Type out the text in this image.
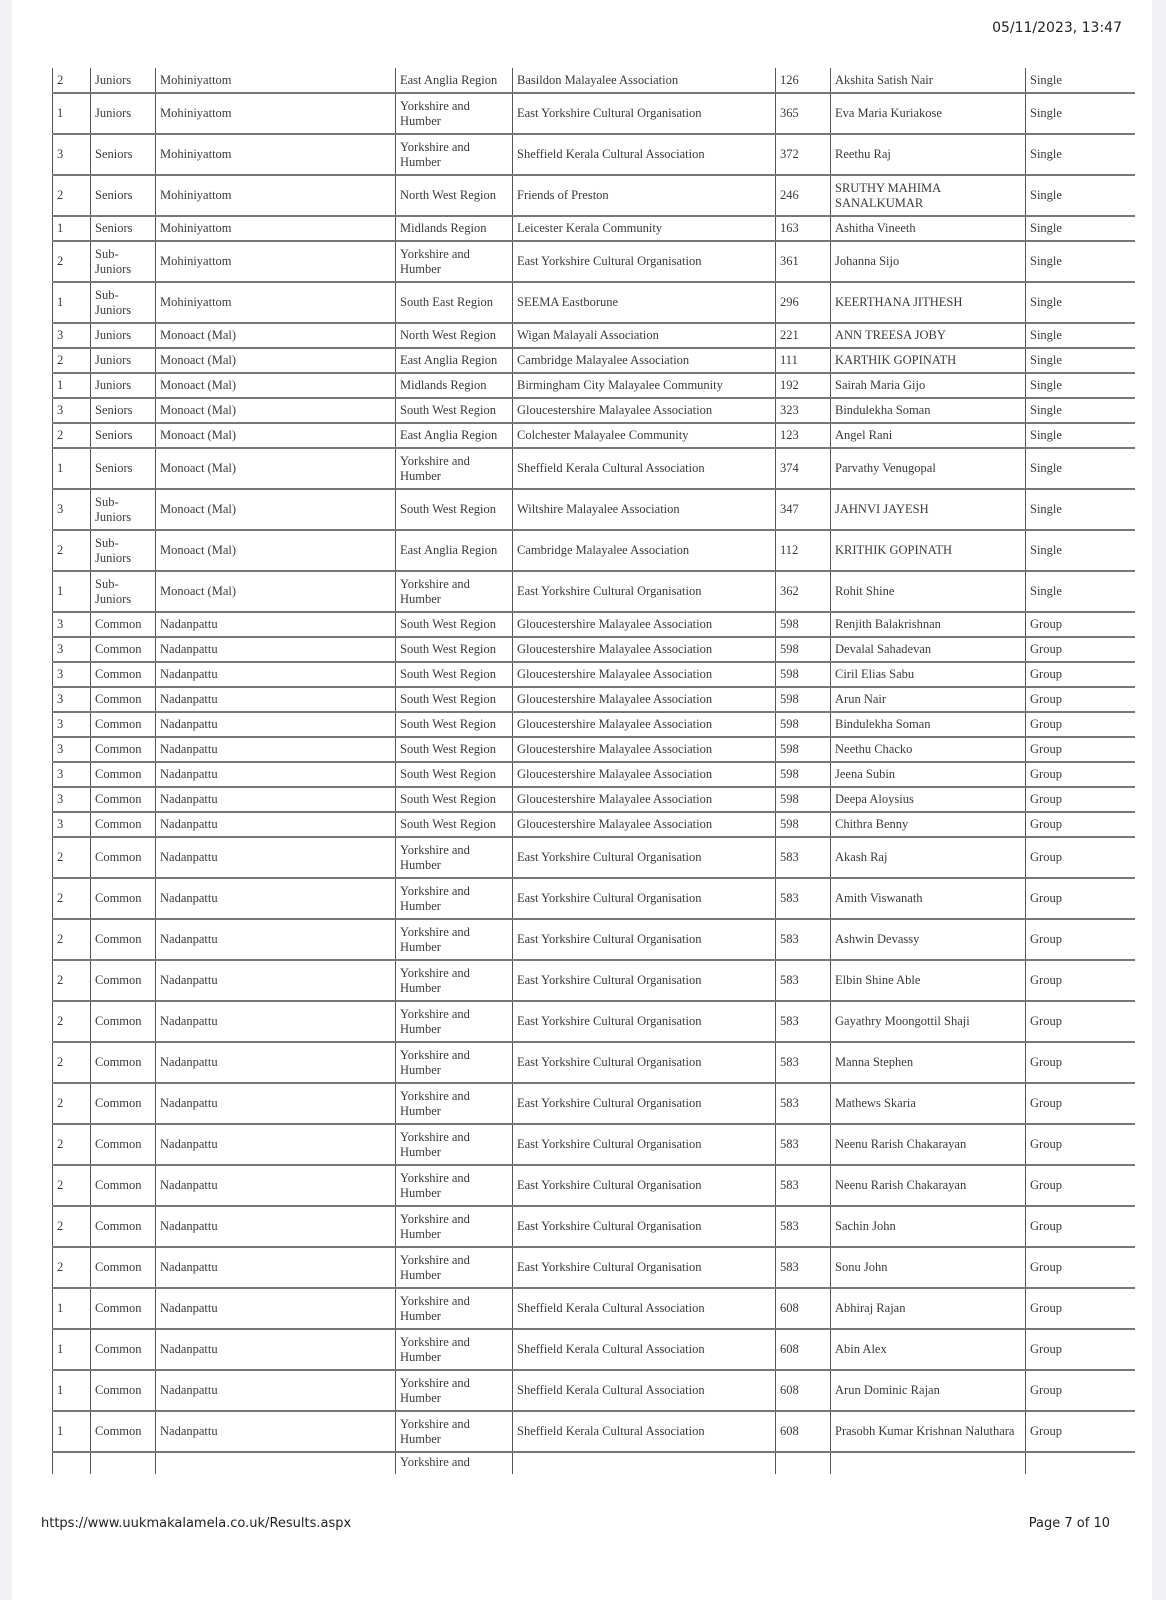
05/11/2023, 13:47
2	Juniors	Mohiniyattom	East Anglia Region	Basildon Malayalee Association	126	Akshita Satish Nair	Single
1	Juniors	Mohiniyattom	Yorkshire and Humber	East Yorkshire Cultural Organisation	365	Eva Maria Kuriakose	Single
3	Seniors	Mohiniyattom	Yorkshire and Humber	Sheffield Kerala Cultural Association	372	Reethu Raj	Single
2	Seniors	Mohiniyattom	North West Region	Friends of Preston	246	SRUTHY MAHIMA SANALKUMAR	Single
1	Seniors	Mohiniyattom	Midlands Region	Leicester Kerala Community	163	Ashitha Vineeth	Single
2	Sub-Juniors	Mohiniyattom	Yorkshire and Humber	East Yorkshire Cultural Organisation	361	Johanna Sijo	Single
1	Sub-Juniors	Mohiniyattom	South East Region	SEEMA Eastborune	296	KEERTHANA JITHESH	Single
3	Juniors	Monoact (Mal)	North West Region	Wigan Malayali Association	221	ANN TREESA JOBY	Single
2	Juniors	Monoact (Mal)	East Anglia Region	Cambridge Malayalee Association	111	KARTHIK GOPINATH	Single
1	Juniors	Monoact (Mal)	Midlands Region	Birmingham City Malayalee Community	192	Sairah Maria Gijo	Single
3	Seniors	Monoact (Mal)	South West Region	Gloucestershire Malayalee Association	323	Bindulekha Soman	Single
2	Seniors	Monoact (Mal)	East Anglia Region	Colchester Malayalee Community	123	Angel Rani	Single
1	Seniors	Monoact (Mal)	Yorkshire and Humber	Sheffield Kerala Cultural Association	374	Parvathy Venugopal	Single
3	Sub-Juniors	Monoact (Mal)	South West Region	Wiltshire Malayalee Association	347	JAHNVI JAYESH	Single
2	Sub-Juniors	Monoact (Mal)	East Anglia Region	Cambridge Malayalee Association	112	KRITHIK GOPINATH	Single
1	Sub-Juniors	Monoact (Mal)	Yorkshire and Humber	East Yorkshire Cultural Organisation	362	Rohit Shine	Single
3	Common	Nadanpattu	South West Region	Gloucestershire Malayalee Association	598	Renjith Balakrishnan	Group
3	Common	Nadanpattu	South West Region	Gloucestershire Malayalee Association	598	Devalal Sahadevan	Group
3	Common	Nadanpattu	South West Region	Gloucestershire Malayalee Association	598	Ciril Elias Sabu	Group
3	Common	Nadanpattu	South West Region	Gloucestershire Malayalee Association	598	Arun Nair	Group
3	Common	Nadanpattu	South West Region	Gloucestershire Malayalee Association	598	Bindulekha Soman	Group
3	Common	Nadanpattu	South West Region	Gloucestershire Malayalee Association	598	Neethu Chacko	Group
3	Common	Nadanpattu	South West Region	Gloucestershire Malayalee Association	598	Jeena Subin	Group
3	Common	Nadanpattu	South West Region	Gloucestershire Malayalee Association	598	Deepa Aloysius	Group
3	Common	Nadanpattu	South West Region	Gloucestershire Malayalee Association	598	Chithra Benny	Group
2	Common	Nadanpattu	Yorkshire and Humber	East Yorkshire Cultural Organisation	583	Akash Raj	Group
2	Common	Nadanpattu	Yorkshire and Humber	East Yorkshire Cultural Organisation	583	Amith Viswanath	Group
2	Common	Nadanpattu	Yorkshire and Humber	East Yorkshire Cultural Organisation	583	Ashwin Devassy	Group
2	Common	Nadanpattu	Yorkshire and Humber	East Yorkshire Cultural Organisation	583	Elbin Shine Able	Group
2	Common	Nadanpattu	Yorkshire and Humber	East Yorkshire Cultural Organisation	583	Gayathry Moongottil Shaji	Group
2	Common	Nadanpattu	Yorkshire and Humber	East Yorkshire Cultural Organisation	583	Manna Stephen	Group
2	Common	Nadanpattu	Yorkshire and Humber	East Yorkshire Cultural Organisation	583	Mathews Skaria	Group
2	Common	Nadanpattu	Yorkshire and Humber	East Yorkshire Cultural Organisation	583	Neenu Rarish Chakarayan	Group
2	Common	Nadanpattu	Yorkshire and Humber	East Yorkshire Cultural Organisation	583	Neenu Rarish Chakarayan	Group
2	Common	Nadanpattu	Yorkshire and Humber	East Yorkshire Cultural Organisation	583	Sachin John	Group
2	Common	Nadanpattu	Yorkshire and Humber	East Yorkshire Cultural Organisation	583	Sonu John	Group
1	Common	Nadanpattu	Yorkshire and Humber	Sheffield Kerala Cultural Association	608	Abhiraj Rajan	Group
1	Common	Nadanpattu	Yorkshire and Humber	Sheffield Kerala Cultural Association	608	Abin Alex	Group
1	Common	Nadanpattu	Yorkshire and Humber	Sheffield Kerala Cultural Association	608	Arun Dominic Rajan	Group
1	Common	Nadanpattu	Yorkshire and Humber	Sheffield Kerala Cultural Association	608	Prasobh Kumar Krishnan Naluthara	Group
			Yorkshire and				
https://www.uukmakalamela.co.uk/Results.aspx	Page 7 of 10
